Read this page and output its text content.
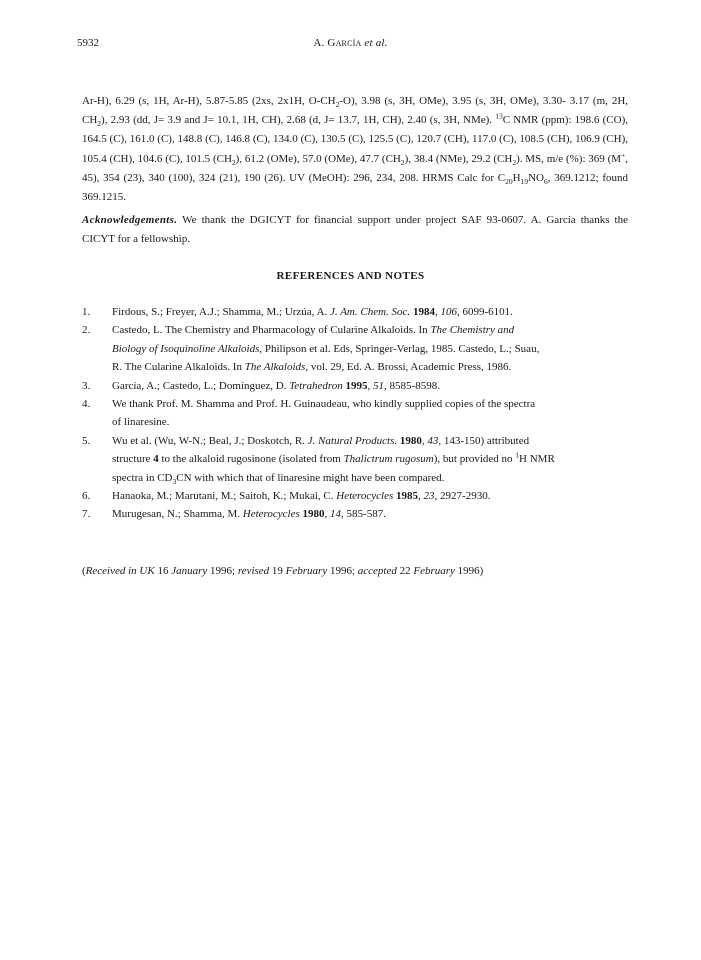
5932	A. García et al.
Ar-H), 6.29 (s, 1H, Ar-H), 5.87-5.85 (2xs, 2x1H, $O-CH_2-O$), 3.98 (s, 3H, OMe), 3.95 (s, 3H, OMe), 3.30- 3.17 (m, 2H, $CH_2$), 2.93 (dd, J= 3.9 and J= 10.1, 1H, CH), 2.68 (d, J= 13.7, 1H, CH), 2.40 (s, 3H, NMe). $^{13}$C NMR (ppm): 198.6 (CO), 164.5 (C), 161.0 (C), 148.8 (C), 146.8 (C), 134.0 (C), 130.5 (C), 125.5 (C), 120.7 (CH), 117.0 (C), 108.5 (CH), 106.9 (CH), 105.4 (CH), 104.6 (C), 101.5 $(CH_2)$, 61.2 (OMe), 57.0 (OMe), 47.7 $(CH_2)$, 38.4 (NMe), 29.2 $(CH_2)$. MS, m/e (%): 369 (M+, 45), 354 (23), 340 (100), 324 (21), 190 (26). UV (MeOH): 296, 234, 208. HRMS Calc for $C_{20}H_{19}NO_6$, 369.1212; found 369.1215.
Acknowledgements. We thank the DGICYT for financial support under project SAF 93-0607. A. García thanks the CICYT for a fellowship.
REFERENCES AND NOTES
1. Firdous, S.; Freyer, A.J.; Shamma, M.; Urzúa, A. J. Am. Chem. Soc. 1984, 106, 6099-6101.
2. Castedo, L. The Chemistry and Pharmacology of Cularine Alkaloids. In The Chemistry and
Biology of Isoquinoline Alkaloids, Philipson et al. Eds, Springer-Verlag, 1985. Castedo, L.; Suau,
R. The Cularine Alkaloids. In The Alkaloids, vol. 29, Ed. A. Brossi, Academic Press, 1986.
3. García, A.; Castedo, L.; Domínguez, D. Tetrahedron 1995, 51, 8585-8598.
4. We thank Prof. M. Shamma and Prof. H. Guinaudeau, who kindly supplied copies of the spectra
of linaresine.
5. Wu et al. (Wu, W-N.; Beal, J.; Doskotch, R. J. Natural Products. 1980, 43, 143-150) attributed
structure 4 to the alkaloid rugosinone (isolated from Thalictrum rugosum), but provided no $^1$H NMR
spectra in $CD_3CN$ with which that of linaresine might have been compared.
6. Hanaoka, M.; Marutani, M.; Saitoh, K.; Mukai, C. Heterocycles 1985, 23, 2927-2930.
7. Murugesan, N.; Shamma, M. Heterocycles 1980, 14, 585-587.
(Received in UK 16 January 1996; revised 19 February 1996; accepted 22 February 1996)
